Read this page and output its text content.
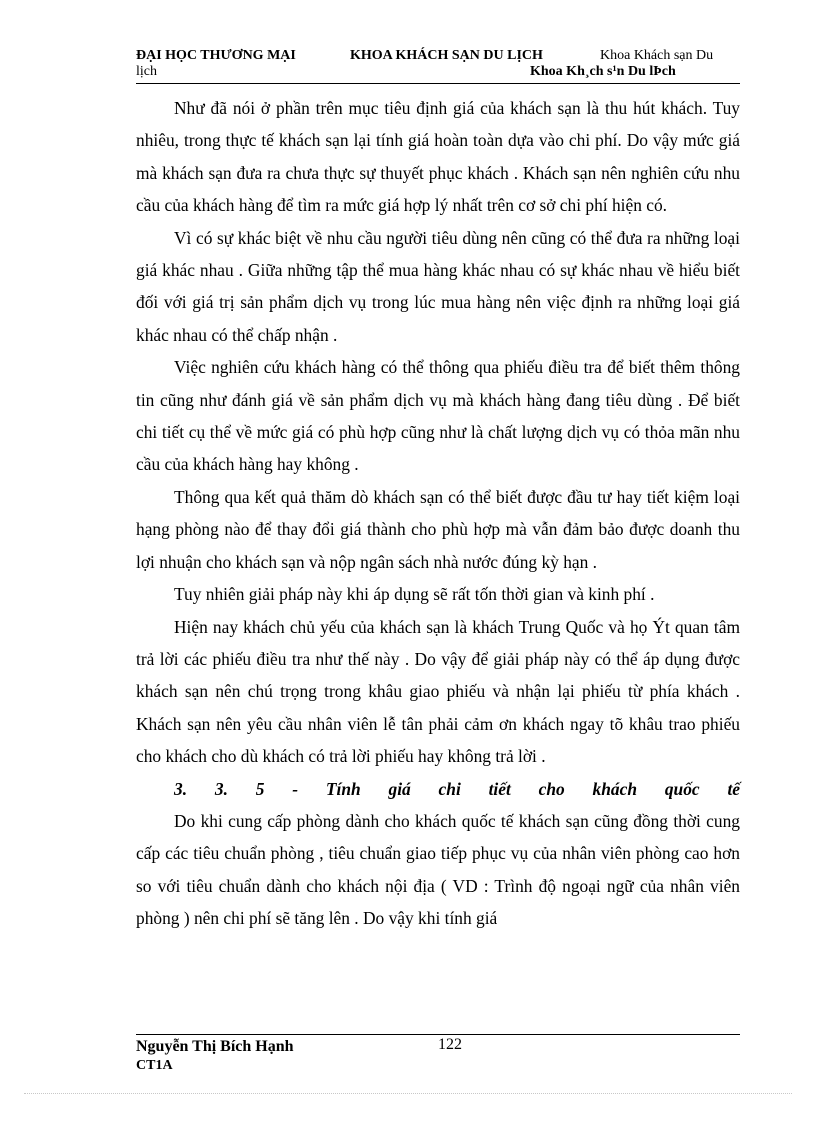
ĐẠI HỌC THƯƠNG MẠI	KHOA KHÁCH SẠN DU LỊCH	Khoa Khách sạn Du
lịch	Khoa Kh¸ch s¹n Du lÞch

Như đã nói ở phần trên mục tiêu định giá của khách sạn là thu hút khách. Tuy nhiêu, trong thực tế khách sạn lại tính giá hoàn toàn dựa vào chi phí. Do vậy mức giá mà khách sạn đưa ra chưa thực sự thuyết phục khách . Khách sạn nên nghiên cứu nhu cầu của khách hàng để tìm ra mức giá hợp lý nhất trên cơ sở chi phí hiện có.

Vì có sự khác biệt về nhu cầu người tiêu dùng nên cũng có thể đưa ra những loại giá khác nhau . Giữa những tập thể mua hàng khác nhau có sự khác nhau về hiểu biết đối với giá trị sản phẩm dịch vụ trong lúc mua hàng nên việc định ra những loại giá khác nhau có thể chấp nhận .

Việc nghiên cứu khách hàng có thể thông qua phiếu điều tra để biết thêm thông tin cũng như đánh giá về sản phẩm dịch vụ mà khách hàng đang tiêu dùng . Để biết chi tiết cụ thể về mức giá có phù hợp cũng như là chất lượng dịch vụ có thỏa mãn nhu cầu của khách hàng hay không .

Thông qua kết quả thăm dò khách sạn có thể biết được đầu tư hay tiết kiệm loại hạng phòng nào để thay đổi giá thành cho phù hợp mà vẫn đảm bảo được doanh thu lợi nhuận cho khách sạn và nộp ngân sách nhà nước đúng kỳ hạn .

Tuy nhiên giải pháp này khi áp dụng sẽ rất tốn thời gian và kinh phí .

Hiện nay khách chủ yếu của khách sạn là khách Trung Quốc và họ Ýt quan tâm trả lời các phiếu điều tra như thế này . Do vậy để giải pháp này có thể áp dụng được khách sạn nên chú trọng trong khâu giao phiếu và nhận lại phiếu từ phía khách . Khách sạn nên yêu cầu nhân viên lễ tân phải cảm ơn khách ngay tõ khâu trao phiếu cho khách cho dù khách có trả lời phiếu hay không trả lời .

3. 3. 5 - Tính giá chi tiết cho khách quốc tế

Do khi cung cấp phòng dành cho khách quốc tế khách sạn cũng đồng thời cung cấp các tiêu chuẩn phòng , tiêu chuẩn giao tiếp phục vụ của nhân viên phòng cao hơn so với tiêu chuẩn dành cho khách nội địa ( VD : Trình độ ngoại ngữ của nhân viên phòng ) nên chi phí sẽ tăng lên . Do vậy khi tính giá

Nguyễn Thị Bích Hạnh
CT1A
122
